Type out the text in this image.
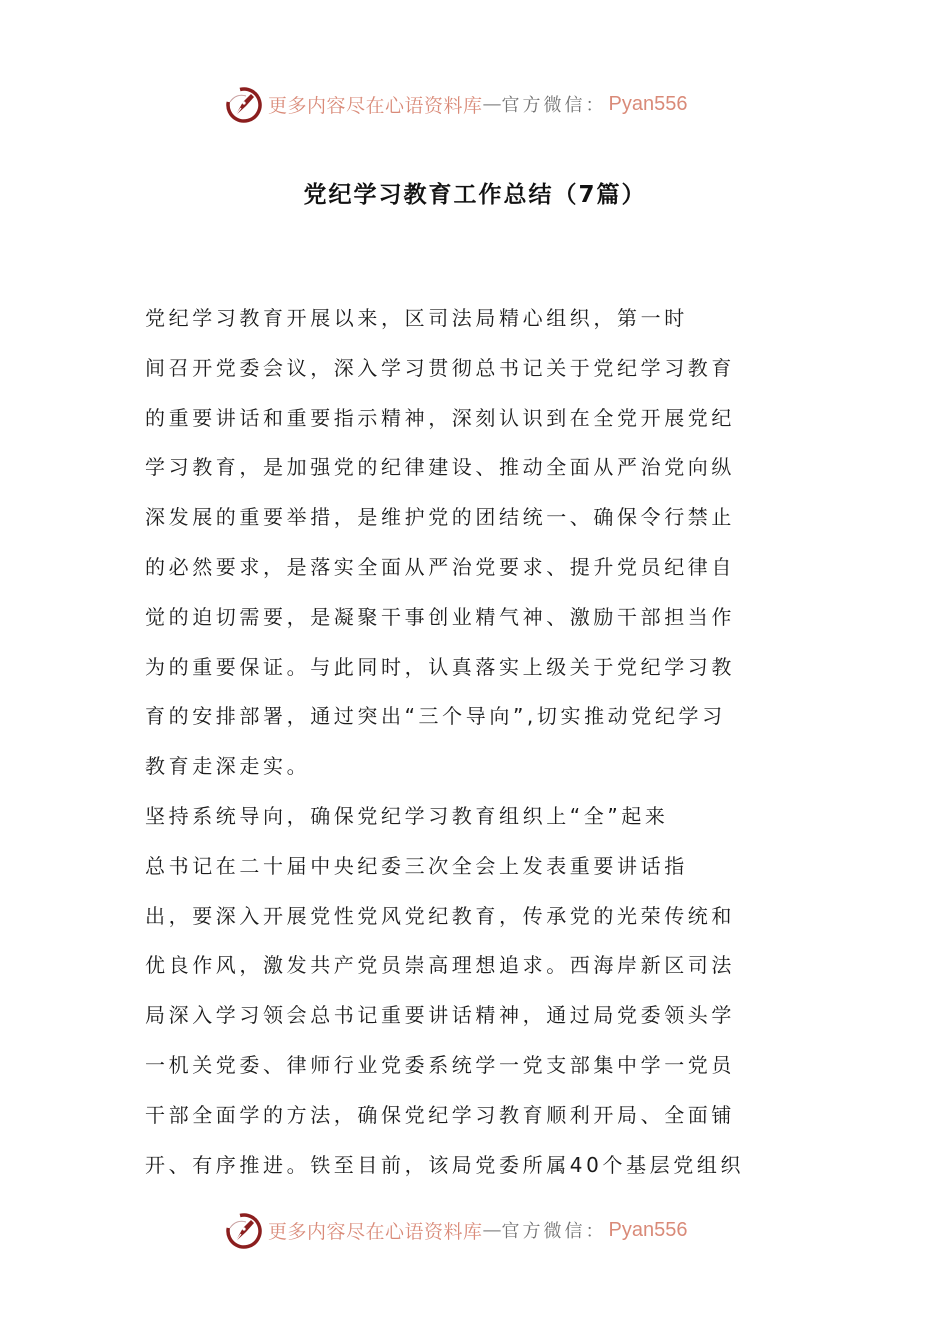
更多内容尽在心语资料库 — 官方微信： Pyan556
党纪学习教育工作总结（7篇）
党纪学习教育开展以来，区司法局精心组织，第一时
间召开党委会议，深入学习贯彻总书记关于党纪学习教育
的重要讲话和重要指示精神，深刻认识到在全党开展党纪
学习教育，是加强党的纪律建设、推动全面从严治党向纵
深发展的重要举措，是维护党的团结统一、确保令行禁止
的必然要求，是落实全面从严治党要求、提升党员纪律自
觉的迫切需要，是凝聚干事创业精气神、激励干部担当作
为的重要保证。与此同时，认真落实上级关于党纪学习教
育的安排部署，通过突出“三个导向”,切实推动党纪学习
教育走深走实。
坚持系统导向，确保党纪学习教育组织上“全”起来
总书记在二十届中央纪委三次全会上发表重要讲话指
出，要深入开展党性党风党纪教育，传承党的光荣传统和
优良作风，激发共产党员崇高理想追求。西海岸新区司法
局深入学习领会总书记重要讲话精神，通过局党委领头学
一机关党委、律师行业党委系统学一党支部集中学一党员
干部全面学的方法，确保党纪学习教育顺利开局、全面铺
开、有序推进。铁至目前，该局党委所属40个基层党组织
更多内容尽在心语资料库 — 官方微信： Pyan556
